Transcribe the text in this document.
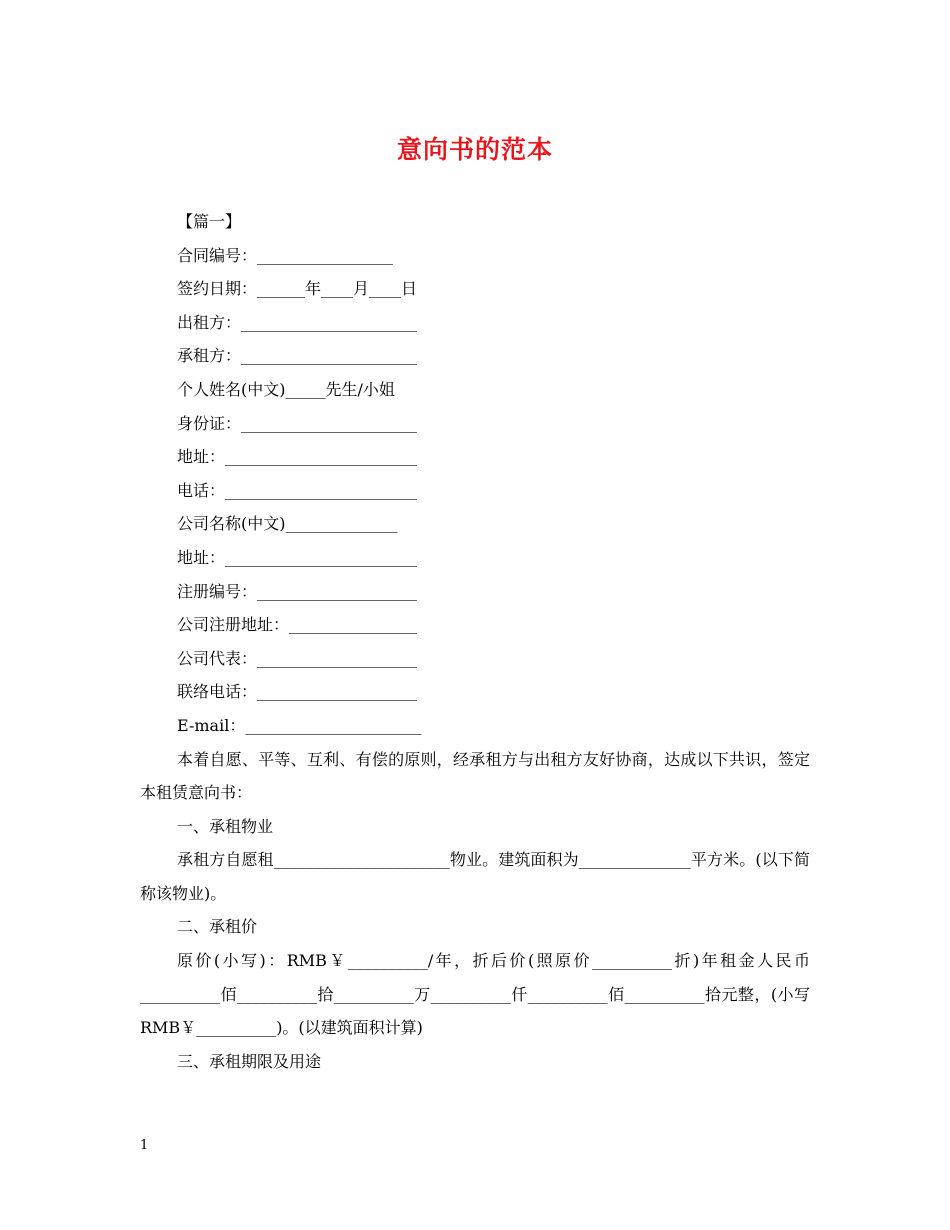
意向书的范本
【篇一】
合同编号：_________________
签约日期：______年____月____日
出租方：______________________
承租方：______________________
个人姓名(中文)_____先生/小姐
身份证：______________________
地址：________________________
电话：________________________
公司名称(中文)______________
地址：________________________
注册编号：____________________
公司注册地址：________________
公司代表：____________________
联络电话：____________________
E-mail：______________________
本着自愿、平等、互利、有偿的原则，经承租方与出租方友好协商，达成以下共识，签定本租赁意向书：
一、承租物业
承租方自愿租______________________物业。建筑面积为______________平方米。(以下简称该物业)。
二、承租价
原价(小写)：RMB￥__________/年，折后价(照原价__________折)年租金人民币__________佰__________拾__________万__________仟__________佰__________拾元整，(小写RMB￥__________)。(以建筑面积计算)
三、承租期限及用途
1
